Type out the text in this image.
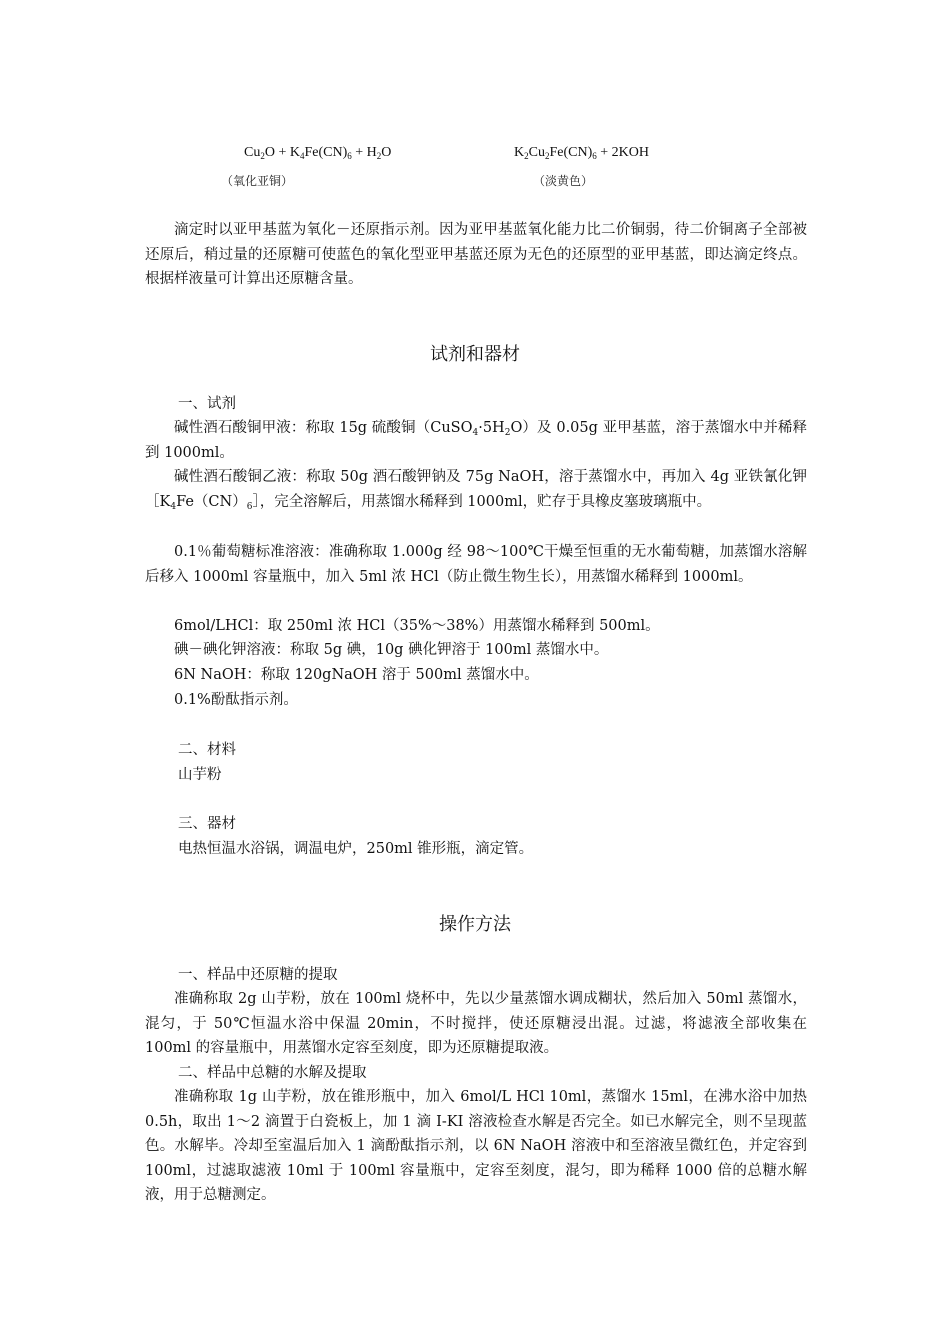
$Cu_2O + K_4Fe(CN)_6 + H_2O$	$K_2Cu_2Fe(CN)_6 + 2KOH$
（氧化亚铜）	（淡黄色）
滴定时以亚甲基蓝为氧化－还原指示剂。因为亚甲基蓝氧化能力比二价铜弱，待二价铜离子全部被还原后，稍过量的还原糖可使蓝色的氧化型亚甲基蓝还原为无色的还原型的亚甲基蓝，即达滴定终点。根据样液量可计算出还原糖含量。
试剂和器材
一、试剂
碱性酒石酸铜甲液：称取 15g 硫酸铜$(CuSO_4\cdot 5H_2O)$及 0.05g 亚甲基蓝，溶于蒸馏水中并稀释到 1000ml。
碱性酒石酸铜乙液：称取 50g 酒石酸钾钠及 75g NaOH，溶于蒸馏水中，再加入 4g 亚铁氰化钾$[K_4Fe(CN)_6]$，完全溶解后，用蒸馏水稀释到 1000ml，贮存于具橡皮塞玻璃瓶中。
0.1％葡萄糖标准溶液：准确称取 1.000g 经 98～100℃干燥至恒重的无水葡萄糖，加蒸馏水溶解后移入 1000ml 容量瓶中，加入 5ml 浓 HCl（防止微生物生长），用蒸馏水稀释到 1000ml。
6mol/LHCl：取 250ml 浓 HCl（35%～38%）用蒸馏水稀释到 500ml。
碘－碘化钾溶液：称取 5g 碘，10g 碘化钾溶于 100ml 蒸馏水中。
6N NaOH：称取 120gNaOH 溶于 500ml 蒸馏水中。
0.1%酚酞指示剂。
二、材料
山芋粉
三、器材
电热恒温水浴锅，调温电炉，250ml 锥形瓶，滴定管。
操作方法
一、样品中还原糖的提取
准确称取 2g 山芋粉，放在 100ml 烧杯中，先以少量蒸馏水调成糊状，然后加入 50ml 蒸馏水，混匀，于 50℃恒温水浴中保温 20min，不时搅拌，使还原糖浸出混。过滤，将滤液全部收集在 100ml 的容量瓶中，用蒸馏水定容至刻度，即为还原糖提取液。
二、样品中总糖的水解及提取
准确称取 1g 山芋粉，放在锥形瓶中，加入 6mol/L HCl 10ml，蒸馏水 15ml，在沸水浴中加热 0.5h，取出 1～2 滴置于白瓷板上，加 1 滴 I-KI 溶液检查水解是否完全。如已水解完全，则不呈现蓝色。水解毕。冷却至室温后加入 1 滴酚酞指示剂，以 6N NaOH 溶液中和至溶液呈微红色，并定容到 100ml，过滤取滤液 10ml 于 100ml 容量瓶中，定容至刻度，混匀，即为稀释 1000 倍的总糖水解液，用于总糖测定。
